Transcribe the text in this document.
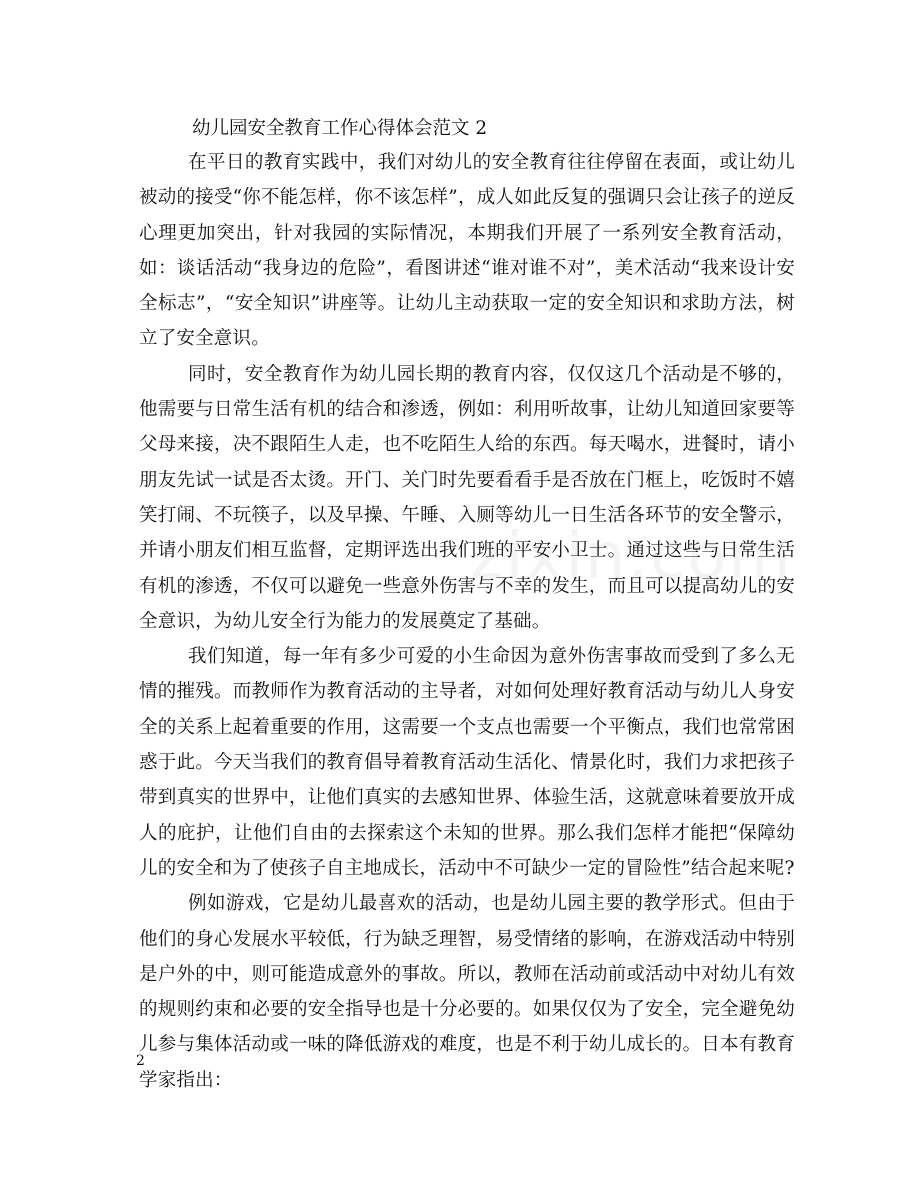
幼儿园安全教育工作心得体会范文 2

在平日的教育实践中，我们对幼儿的安全教育往往停留在表面，或让幼儿被动的接受“你不能怎样，你不该怎样”，成人如此反复的强调只会让孩子的逆反心理更加突出，针对我园的实际情况，本期我们开展了一系列安全教育活动，如：谈话活动“我身边的危险”，看图讲述“谁对谁不对”，美术活动“我来设计安全标志”，“安全知识”讲座等。让幼儿主动获取一定的安全知识和求助方法，树立了安全意识。

同时，安全教育作为幼儿园长期的教育内容，仅仅这几个活动是不够的，他需要与日常生活有机的结合和渗透，例如：利用听故事，让幼儿知道回家要等父母来接，决不跟陌生人走，也不吃陌生人给的东西。每天喝水，进餐时，请小朋友先试一试是否太烫。开门、关门时先要看看手是否放在门框上，吃饭时不嬉笑打闹、不玩筷子，以及早操、午睡、入厕等幼儿一日生活各环节的安全警示，并请小朋友们相互监督，定期评选出我们班的平安小卫士。通过这些与日常生活有机的渗透，不仅可以避免一些意外伤害与不幸的发生，而且可以提高幼儿的安全意识，为幼儿安全行为能力的发展奠定了基础。

我们知道，每一年有多少可爱的小生命因为意外伤害事故而受到了多么无情的摧残。而教师作为教育活动的主导者，对如何处理好教育活动与幼儿人身安全的关系上起着重要的作用，这需要一个支点也需要一个平衡点，我们也常常困惑于此。今天当我们的教育倡导着教育活动生活化、情景化时，我们力求把孩子带到真实的世界中，让他们真实的去感知世界、体验生活，这就意味着要放开成人的庇护，让他们自由的去探索这个未知的世界。那么我们怎样才能把“保障幼儿的安全和为了使孩子自主地成长，活动中不可缺少一定的冒险性”结合起来呢?

例如游戏，它是幼儿最喜欢的活动，也是幼儿园主要的教学形式。但由于他们的身心发展水平较低，行为缺乏理智，易受情绪的影响，在游戏活动中特别是户外的中，则可能造成意外的事故。所以，教师在活动前或活动中对幼儿有效的规则约束和必要的安全指导也是十分必要的。如果仅仅为了安全，完全避免幼儿参与集体活动或一味的降低游戏的难度，也是不利于幼儿成长的。日本有教育学家指出：

2
